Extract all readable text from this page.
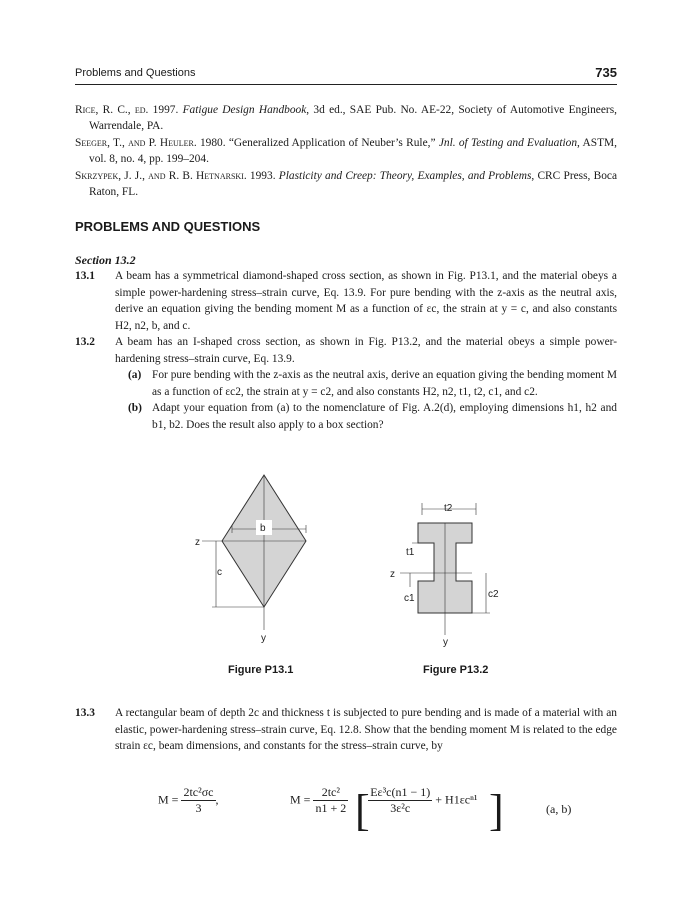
Problems and Questions	735

Rice, R. C., ed. 1997. Fatigue Design Handbook, 3d ed., SAE Pub. No. AE-22, Society of Automotive Engineers, Warrendale, PA.

Seeger, T., and P. Heuler. 1980. “Generalized Application of Neuber’s Rule,” Jnl. of Testing and Evaluation, ASTM, vol. 8, no. 4, pp. 199–204.

Skrzypek, J. J., and R. B. Hetnarski. 1993. Plasticity and Creep: Theory, Examples, and Problems, CRC Press, Boca Raton, FL.

PROBLEMS AND QUESTIONS
Section 13.2
13.1 A beam has a symmetrical diamond-shaped cross section, as shown in Fig. P13.1, and the material obeys a simple power-hardening stress–strain curve, Eq. 13.9. For pure bending with the z-axis as the neutral axis, derive an equation giving the bending moment M as a function of εc, the strain at y = c, and also constants H2, n2, b, and c.
13.2 A beam has an I-shaped cross section, as shown in Fig. P13.2, and the material obeys a simple power-hardening stress–strain curve, Eq. 13.9.
(a) For pure bending with the z-axis as the neutral axis, derive an equation giving the bending moment M as a function of εc2, the strain at y = c2, and also constants H2, n2, t1, t2, c1, and c2.
(b) Adapt your equation from (a) to the nomenclature of Fig. A.2(d), employing dimensions h1, h2 and b1, b2. Does the result also apply to a box section?
b
z
c
y
Figure P13.1
t2
t1
z
c1	c2
y
Figure P13.2
13.3 A rectangular beam of depth 2c and thickness t is subjected to pure bending and is made of a material with an elastic, power-hardening stress–strain curve, Eq. 12.8. Show that the bending moment M is related to the edge strain εc, beam dimensions, and constants for the stress–strain curve, by
$M = \frac{\text{2tc²σc}}{3}$ ,	$M = \frac{\text{2tc²}}{n1 + 2}$
$\frac{\text{Eε³c(n1 − 1)}}{\text{3ε²c}} + H1\varepsilon c^{n1}$
[	]	(a, b)
